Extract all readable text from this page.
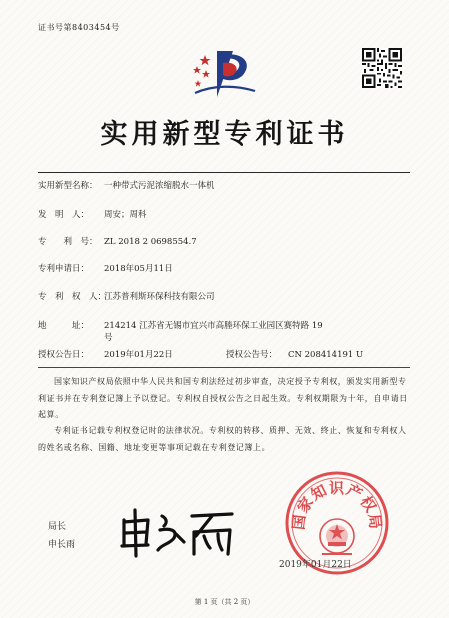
证书号第8403454号
实用新型专利证书
实用新型名称： 一种带式污泥浓缩脱水一体机
发　明　人： 周安；周科
专　　利　号： ZL 2018 2 0698554.7
专利申请日： 2018年05月11日
专　利　权　人：
江苏普利斯环保科技有限公司
地　　　址： 214214 江苏省无锡市宜兴市高塍环保工业园区赛特路 19
号
授权公告日： 2019年01月22日	授权公告号： CN 208414191 U
国家知识产权局依照中华人民共和国专利法经过初步审查，决定授予专利权，颁发实用新型专利证书并在专利登记簿上予以登记。专利权自授权公告之日起生效。专利权期限为十年，自申请日起算。
专利证书记载专利权登记时的法律状况。专利权的转移、质押、无效、终止、恢复和专利权人的姓名或名称、国籍、地址变更等事项记载在专利登记簿上。
局长
申长雨
国家知识产权局
2019年01月22日
第 1 页（共 2 页）
